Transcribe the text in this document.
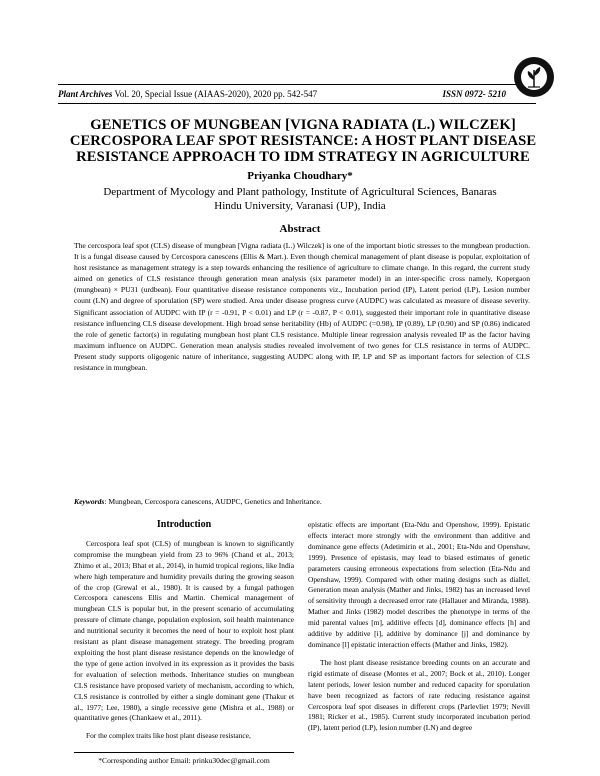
Plant Archives Vol. 20, Special Issue (AIAAS-2020), 2020 pp. 542-547	ISSN 0972- 5210
GENETICS OF MUNGBEAN [VIGNA RADIATA (L.) WILCZEK] CERCOSPORA LEAF SPOT RESISTANCE: A HOST PLANT DISEASE RESISTANCE APPROACH TO IDM STRATEGY IN AGRICULTURE
Priyanka Choudhary*
Department of Mycology and Plant pathology, Institute of Agricultural Sciences, Banaras Hindu University, Varanasi (UP), India
Abstract
The cercospora leaf spot (CLS) disease of mungbean [Vigna radiata (L.) Wilczek] is one of the important biotic stresses to the mungbean production. It is a fungal disease caused by Cercospora canescens (Ellis & Mart.). Even though chemical management of plant disease is popular, exploitation of host resistance as management strategy is a step towards enhancing the resilience of agriculture to climate change. In this regard, the current study aimed on genetics of CLS resistance through generation mean analysis (six parameter model) in an inter-specific cross namely, Kopergaon (mungbean) × PU31 (urdbean). Four quantitative disease resistance components viz., Incubation period (IP), Latent period (LP), Lesion number count (LN) and degree of sporulation (SP) were studied. Area under disease progress curve (AUDPC) was calculated as measure of disease severity. Significant association of AUDPC with IP (r = -0.91, P < 0.01) and LP (r = -0.87, P < 0.01), suggested their important role in quantitative disease resistance influencing CLS disease development. High broad sense heritability (Hb) of AUDPC (=0.98), IP (0.89), LP (0.90) and SP (0.86) indicated the role of genetic factor(s) in regulating mungbean host plant CLS resistance. Multiple linear regression analysis revealed IP as the factor having maximum influence on AUDPC. Generation mean analysis studies revealed involvement of two genes for CLS resistance in terms of AUDPC. Present study supports oligogenic nature of inheritance, suggesting AUDPC along with IP, LP and SP as important factors for selection of CLS resistance in mungbean.
Keywords: Mungbean, Cercospora canescens, AUDPC, Genetics and Inheritance.
Introduction

Cercospora leaf spot (CLS) of mungbean is known to significantly compromise the mungbean yield from 23 to 96% (Chand et al., 2013; Zhimo et al., 2013; Bhat et al., 2014), in humid tropical regions, like India where high temperature and humidity prevails during the growing season of the crop (Grewal et al., 1980). It is caused by a fungal pathogen Cercospora canescens Ellis and Martin. Chemical management of mungbean CLS is popular but, in the present scenario of accumulating pressure of climate change, population explosion, soil health maintenance and nutritional security it becomes the need of hour to exploit host plant resistant as plant disease management strategy. The breeding program exploiting the host plant disease resistance depends on the knowledge of the type of gene action involved in its expression as it provides the basis for evaluation of selection methods. Inheritance studies on mungbean CLS resistance have proposed variety of mechanism, according to which, CLS resistance is controlled by either a single dominant gene (Thakur et al., 1977; Lee, 1980), a single recessive gene (Mishra et al., 1988) or quantitative genes (Chankaew et al., 2011).

For the complex traits like host plant disease resistance,

epistatic effects are important (Eta-Ndu and Openshow, 1999). Epistatic effects interact more strongly with the environment than additive and dominance gene effects (Adetimirin et al., 2001; Eta-Ndu and Openshaw, 1999). Presence of epistasis, may lead to biased estimates of genetic parameters causing erroneous expectations from selection (Eta-Ndu and Openshaw, 1999). Compared with other mating designs such as diallel, Generation mean analysis (Mather and Jinks, 1982) has an increased level of sensitivity through a decreased error rate (Hallauer and Miranda, 1988). Mather and Jinks (1982) model describes the phenotype in terms of the mid parental values [m], additive effects [d], dominance effects [h] and additive by additive [i], additive by dominance [j] and dominance by dominance [l] epistatic interaction effects (Mather and Jinks, 1982).

The host plant disease resistance breeding counts on an accurate and rigid estimate of disease (Montes et al., 2007; Bock et al., 2010). Longer latent periods, lower lesion number and reduced capacity for sporulation have been recognized as factors of rate reducing resistance against Cercospora leaf spot diseases in different crops (Parlevliet 1979; Nevill 1981; Ricker et al., 1985). Current study incorporated incubation period (IP), latent period (LP), lesion number (LN) and degree

*Corresponding author Email: prinku30dec@gmail.com
